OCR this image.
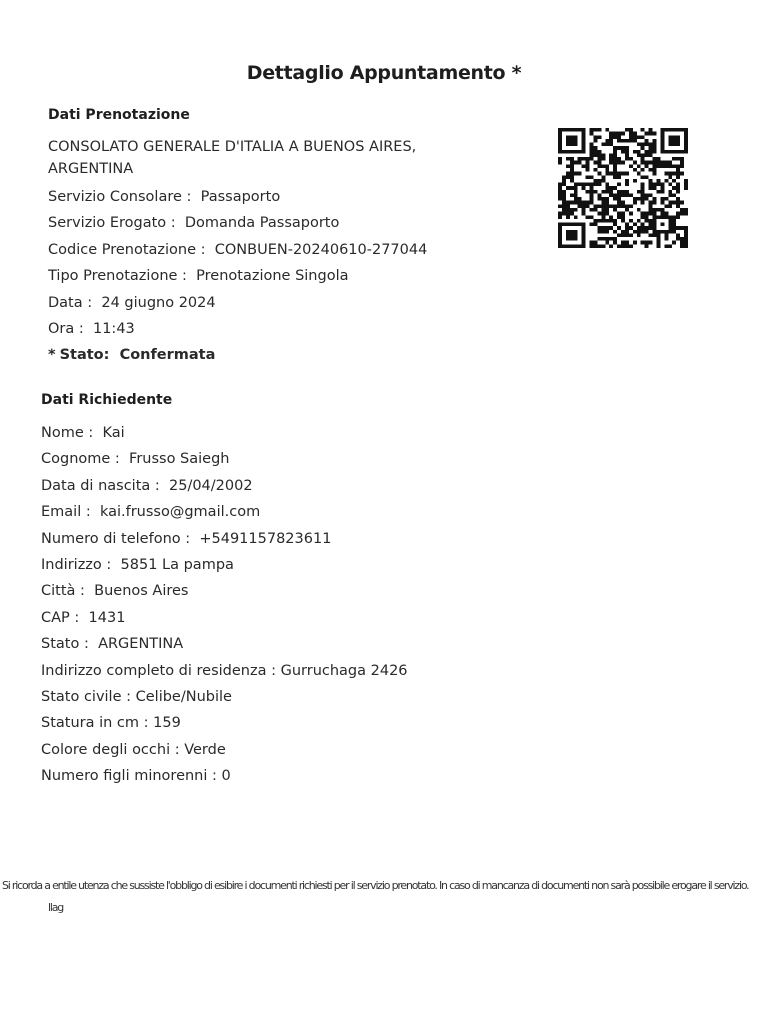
Dettaglio Appuntamento *
Dati Prenotazione
CONSOLATO GENERALE D'ITALIA A BUENOS AIRES, ARGENTINA
Servizio Consolare : Passaporto
Servizio Erogato : Domanda Passaporto
Codice Prenotazione : CONBUEN-20240610-277044
Tipo Prenotazione : Prenotazione Singola
Data : 24 giugno 2024
Ora : 11:43
* Stato: Confermata
Dati Richiedente
Nome : Kai
Cognome : Frusso Saiegh
Data di nascita : 25/04/2002
Email : kai.frusso@gmail.com
Numero di telefono : +5491157823611
Indirizzo : 5851 La pampa
Città : Buenos Aires
CAP : 1431
Stato : ARGENTINA
Indirizzo completo di residenza : Gurruchaga 2426
Stato civile : Celibe/Nubile
Statura in cm : 159
Colore degli occhi : Verde
Numero figli minorenni : 0
Si ricorda a entile utenza che sussiste l'obbligo di esibire i documenti richiesti per il servizio prenotato. In caso di mancanza di documenti non sarà possibile erogare il servizio.
llag
